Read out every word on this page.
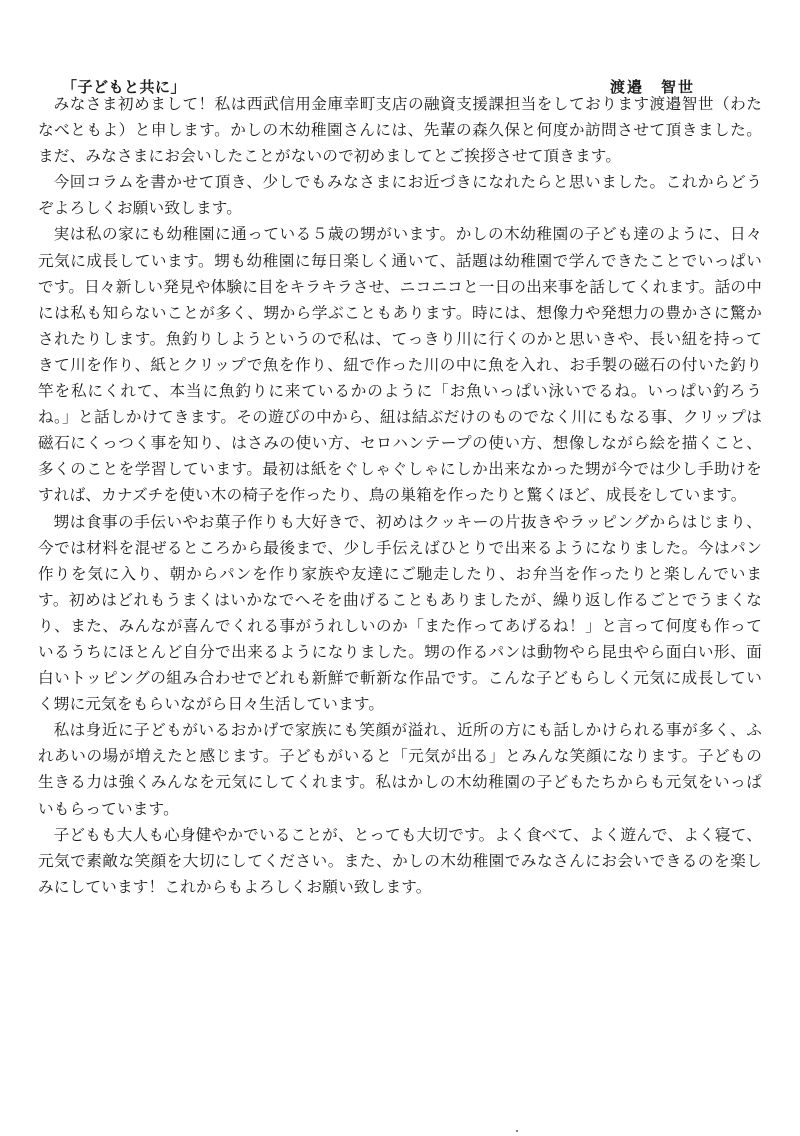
「子どもと共に」	渡邉　智世

みなさま初めまして！私は西武信用金庫幸町支店の融資支援課担当をしております渡邉智世（わたなべともよ）と申します。かしの木幼稚園さんには、先輩の森久保と何度か訪問させて頂きました。まだ、みなさまにお会いしたことがないので初めましてとご挨拶させて頂きます。

今回コラムを書かせて頂き、少しでもみなさまにお近づきになれたらと思いました。これからどうぞよろしくお願い致します。

実は私の家にも幼稚園に通っている５歳の甥がいます。かしの木幼稚園の子ども達のように、日々元気に成長しています。甥も幼稚園に毎日楽しく通いて、話題は幼稚園で学んできたことでいっぱいです。日々新しい発見や体験に目をキラキラさせ、ニコニコと一日の出来事を話してくれます。話の中には私も知らないことが多く、甥から学ぶこともあります。時には、想像力や発想力の豊かさに驚かされたりします。魚釣りしようというので私は、てっきり川に行くのかと思いきや、長い紐を持ってきて川を作り、紙とクリップで魚を作り、紐で作った川の中に魚を入れ、お手製の磁石の付いた釣り竿を私にくれて、本当に魚釣りに来ているかのように「お魚いっぱい泳いでるね。いっぱい釣ろうね。」と話しかけてきます。その遊びの中から、紐は結ぶだけのものでなく川にもなる事、クリップは磁石にくっつく事を知り、はさみの使い方、セロハンテープの使い方、想像しながら絵を描くこと、多くのことを学習しています。最初は紙をぐしゃぐしゃにしか出来なかった甥が今では少し手助けをすれば、カナズチを使い木の椅子を作ったり、鳥の巣箱を作ったりと驚くほど、成長をしています。

甥は食事の手伝いやお菓子作りも大好きで、初めはクッキーの片抜きやラッピングからはじまり、今では材料を混ぜるところから最後まで、少し手伝えばひとりで出来るようになりました。今はパン作りを気に入り、朝からパンを作り家族や友達にご馳走したり、お弁当を作ったりと楽しんでいます。初めはどれもうまくはいかなでへそを曲げることもありましたが、繰り返し作るごとでうまくなり、また、みんなが喜んでくれる事がうれしいのか「また作ってあげるね！」と言って何度も作っているうちにほとんど自分で出来るようになりました。甥の作るパンは動物やら昆虫やら面白い形、面白いトッピングの組み合わせでどれも新鮮で斬新な作品です。こんな子どもらしく元気に成長していく甥に元気をもらいながら日々生活しています。

私は身近に子どもがいるおかげで家族にも笑顔が溢れ、近所の方にも話しかけられる事が多く、ふれあいの場が増えたと感じます。子どもがいると「元気が出る」とみんな笑顔になります。子どもの生きる力は強くみんなを元気にしてくれます。私はかしの木幼稚園の子どもたちからも元気をいっぱいもらっています。

子どもも大人も心身健やかでいることが、とっても大切です。よく食べて、よく遊んで、よく寝て、元気で素敵な笑顔を大切にしてください。また、かしの木幼稚園でみなさんにお会いできるのを楽しみにしています！これからもよろしくお願い致します。
